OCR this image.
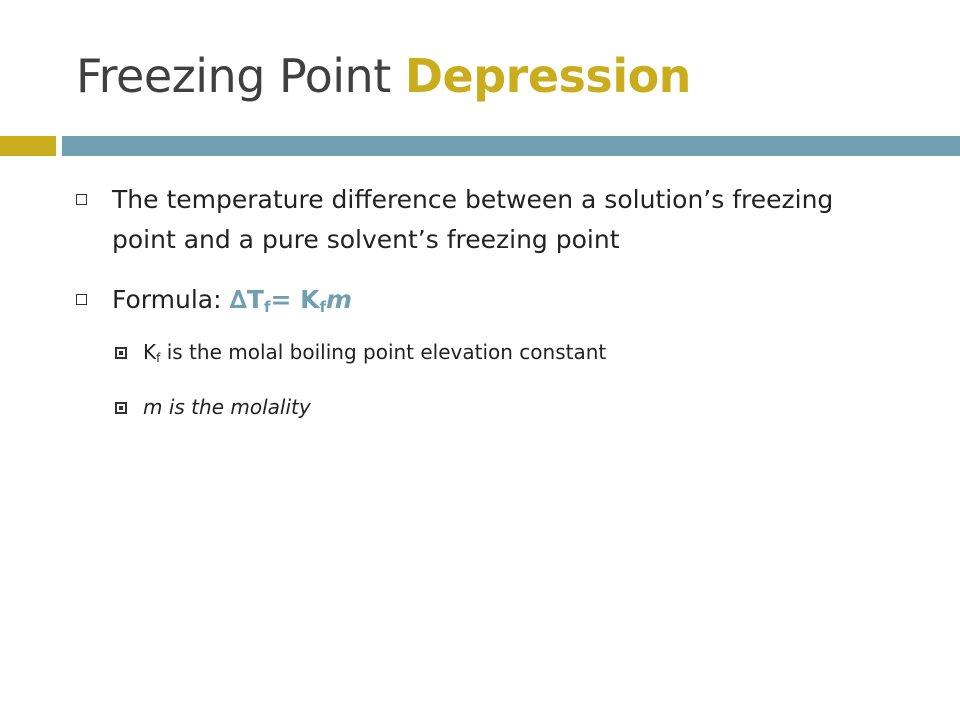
Freezing Point Depression
The temperature difference between a solution’s freezing point and a pure solvent’s freezing point
Formula: $\Delta T_f= K_fm$
$K_f$ is the molal boiling point elevation constant
m is the molality
